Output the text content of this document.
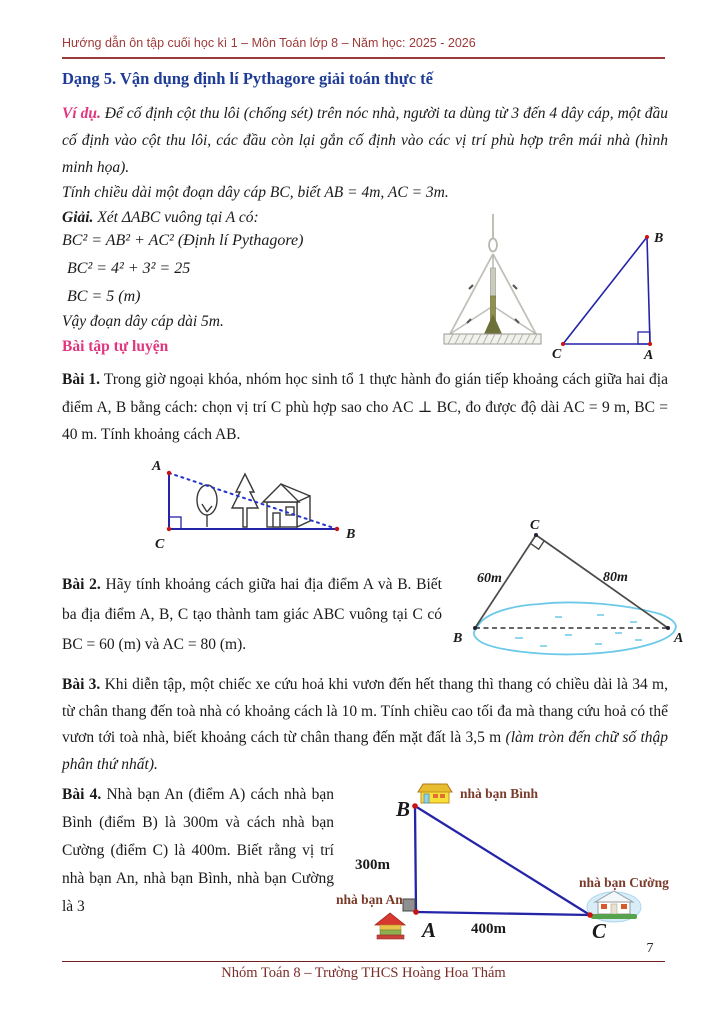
Hướng dẫn ôn tập cuối học kì 1 – Môn Toán lớp 8 – Năm học: 2025 - 2026
Dạng 5. Vận dụng định lí Pythagore giải toán thực tế

Ví dụ. Để cố định cột thu lôi (chống sét) trên nóc nhà, người ta dùng từ 3 đến 4 dây cáp, một đầu cố định vào cột thu lôi, các đầu còn lại gắn cố định vào các vị trí phù hợp trên mái nhà (hình minh họa).

Tính chiều dài một đoạn dây cáp BC, biết AB = 4m, AC = 3m.

Giải. Xét ΔABC vuông tại A có:

BC² = AB² + AC² (Định lí Pythagore)

BC² = 4² + 3² = 25

BC = 5 (m)

Vậy đoạn dây cáp dài 5m.

Bài tập tự luyện
B
C	A

Bài 1. Trong giờ ngoại khóa, nhóm học sinh tổ 1 thực hành đo gián tiếp khoảng cách giữa hai địa điểm A, B bằng cách: chọn vị trí C phù hợp sao cho AC ⊥ BC, đo được độ dài AC = 9 m, BC = 40 m. Tính khoảng cách AB.

A
C
B

Bài 2. Hãy tính khoảng cách giữa hai địa điểm A và B. Biết ba địa điểm A, B, C tạo thành tam giác ABC vuông tại C có BC = 60 (m) và AC = 80 (m).

C
B	A
60m	80m

Bài 3. Khi diễn tập, một chiếc xe cứu hoả khi vươn đến hết thang thì thang có chiều dài là 34 m, từ chân thang đến toà nhà có khoảng cách là 10 m. Tính chiều cao tối đa mà thang cứu hoả có thể vươn tới toà nhà, biết khoảng cách từ chân thang đến mặt đất là 3,5 m (làm tròn đến chữ số thập phân thứ nhất).

Bài 4. Nhà bạn An (điểm A) cách nhà bạn Bình (điểm B) là 300m và cách nhà bạn Cường (điểm C) là 400m. Biết rằng vị trí nhà bạn An, nhà bạn Bình, nhà bạn Cường là 3

B
A	C
300m
400m
nhà bạn Bình
nhà bạn An
nhà bạn Cường
7
Nhóm Toán 8 – Trường THCS Hoàng Hoa Thám
